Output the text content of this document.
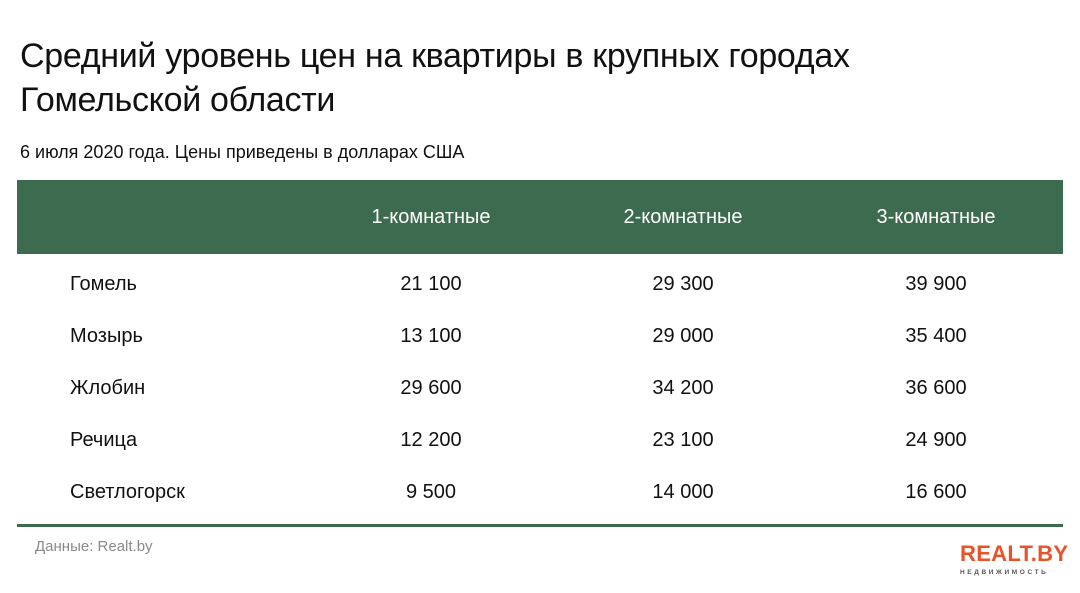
Средний уровень цен на квартиры в крупных городах Гомельской области
6 июля 2020 года. Цены приведены в долларах США
	1-комнатные	2-комнатные	3-комнатные
Гомель	21 100	29 300	39 900
Мозырь	13 100	29 000	35 400
Жлобин	29 600	34 200	36 600
Речица	12 200	23 100	24 900
Светлогорск	9 500	14 000	16 600
Данные: Realt.by	REALT.BY
НЕДВИЖИМОСТЬ
